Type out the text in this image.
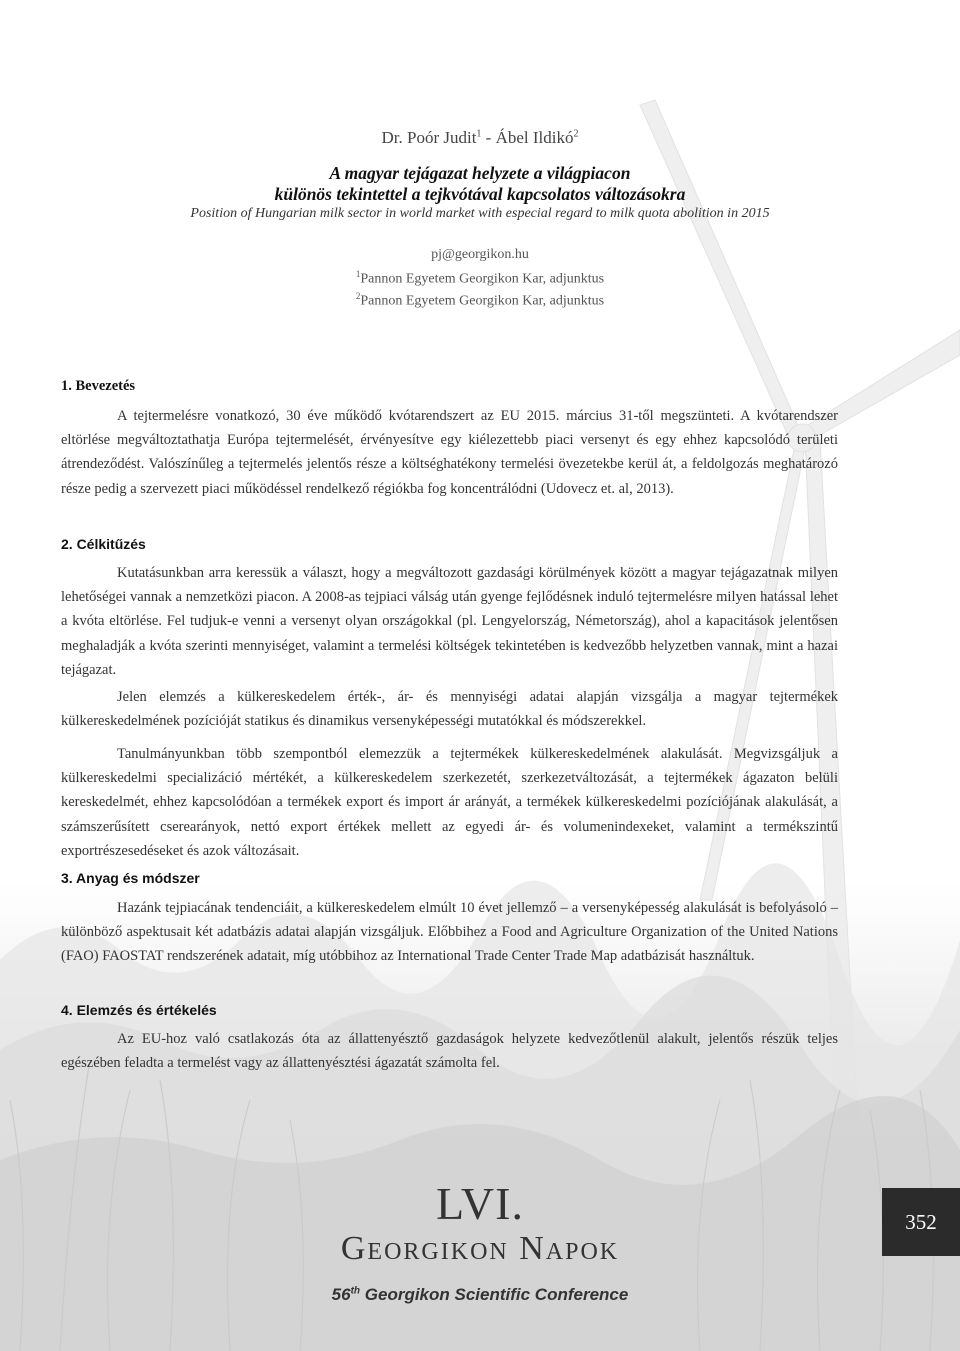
Dr. Poór Judit$^1$ - Ábel Ildikó$^2$
A magyar tejágazat helyzete a világpiacon
különös tekintettel a tejkvótával kapcsolatos változásokra
Position of Hungarian milk sector in world market with especial regard to milk quota abolition in 2015
pj@georgikon.hu
$^1$Pannon Egyetem Georgikon Kar, adjunktus
$^2$Pannon Egyetem Georgikon Kar, adjunktus
1. Bevezetés

A tejtermelésre vonatkozó, 30 éve működő kvótarendszert az EU 2015. március 31-től megszünteti. A kvótarendszer eltörlése megváltoztathatja Európa tejtermelését, érvényesítve egy kiélezettebb piaci versenyt és egy ehhez kapcsolódó területi átrendeződést. Valószínűleg a tejtermelés jelentős része a költséghatékony termelési övezetekbe kerül át, a feldolgozás meghatározó része pedig a szervezett piaci működéssel rendelkező régiókba fog koncentrálódni (Udovecz et. al, 2013).

2. Célkitűzés

Kutatásunkban arra keressük a választ, hogy a megváltozott gazdasági körülmények között a magyar tejágazatnak milyen lehetőségei vannak a nemzetközi piacon. A 2008-as tejpiaci válság után gyenge fejlődésnek induló tejtermelésre milyen hatással lehet a kvóta eltörlése. Fel tudjuk-e venni a versenyt olyan országokkal (pl. Lengyelország, Németország), ahol a kapacitások jelentősen meghaladják a kvóta szerinti mennyiséget, valamint a termelési költségek tekintetében is kedvezőbb helyzetben vannak, mint a hazai tejágazat.

Jelen elemzés a külkereskedelem érték-, ár- és mennyiségi adatai alapján vizsgálja a magyar tejtermékek külkereskedelmének pozícióját statikus és dinamikus versenyképességi mutatókkal és módszerekkel.

Tanulmányunkban több szempontból elemezzük a tejtermékek külkereskedelmének alakulását. Megvizsgáljuk a külkereskedelmi specializáció mértékét, a külkereskedelem szerkezetét, szerkezetváltozását, a tejtermékek ágazaton belüli kereskedelmét, ehhez kapcsolódóan a termékek export és import ár arányát, a termékek külkereskedelmi pozíciójának alakulását, a számszerűsített cserearányok, nettó export értékek mellett az egyedi ár- és volumenindexeket, valamint a termékszintű exportrészesedéseket és azok változásait.

3. Anyag és módszer

Hazánk tejpiacának tendenciáit, a külkereskedelem elmúlt 10 évet jellemző – a versenyképesség alakulását is befolyásoló – különböző aspektusait két adatbázis adatai alapján vizsgáljuk. Előbbihez a Food and Agriculture Organization of the United Nations (FAO) FAOSTAT rendszerének adatait, míg utóbbihoz az International Trade Center Trade Map adatbázisát használtuk.

4. Elemzés és értékelés

Az EU-hoz való csatlakozás óta az állattenyésztő gazdaságok helyzete kedvezőtlenül alakult, jelentős részük teljes egészében feladta a termelést vagy az állattenyésztési ágazatát számolta fel.

LVI.
Georgikon Napok
56th Georgikon Scientific Conference
352
